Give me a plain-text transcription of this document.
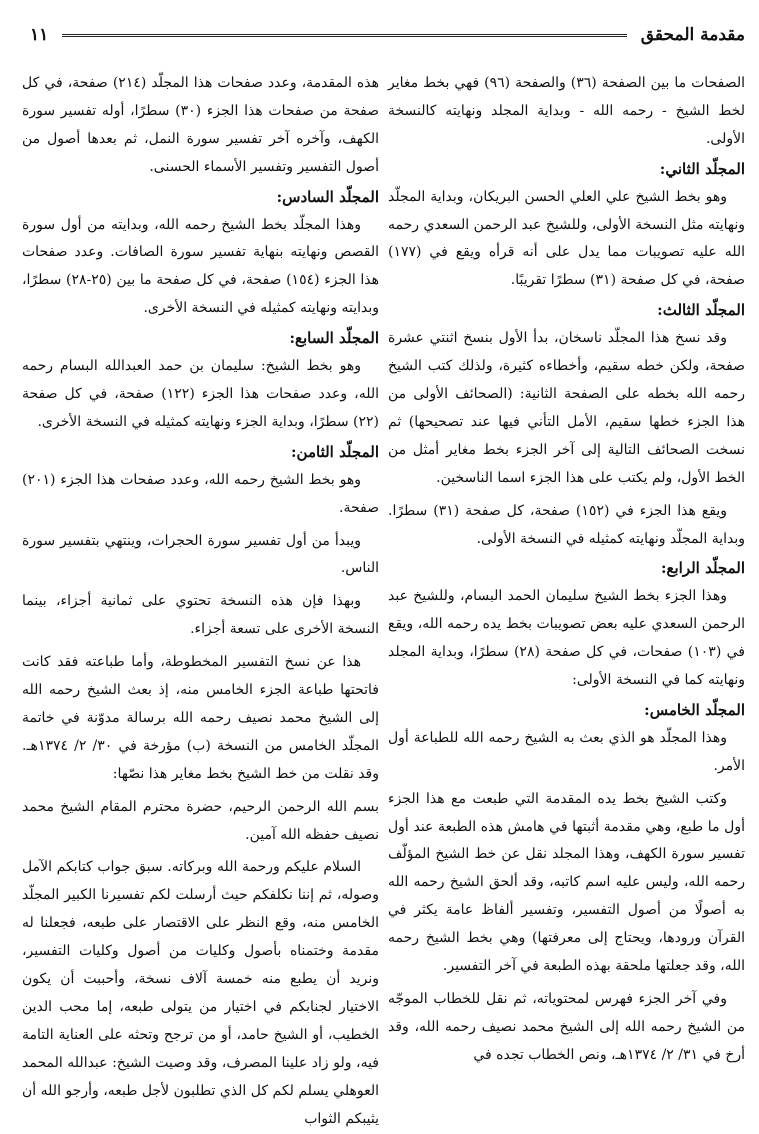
مقدمة المحقق
١١

الصفحات ما بين الصفحة (٣٦) والصفحة (٩٦) فهي بخط مغاير لخط الشيخ - رحمه الله - وبداية المجلد ونهايته كالنسخة الأولى.

المجلّد الثاني:

وهو بخط الشيخ علي العلي الحسن البريكان، وبداية المجلّد ونهايته مثل النسخة الأولى، وللشيخ عبد الرحمن السعدي رحمه الله عليه تصويبات مما يدل على أنه قرأه ويقع في (١٧٧) صفحة، في كل صفحة (٣١) سطرًا تقريبًا.

المجلّد الثالث:

وقد نسخ هذا المجلّد ناسخان، بدأ الأول بنسخ اثنتي عشرة صفحة، ولكن خطه سقيم، وأخطاءه كثيرة، ولذلك كتب الشيخ رحمه الله بخطه على الصفحة الثانية: (الصحائف الأولى من هذا الجزء خطها سقيم، الأمل التأني فيها عند تصحيحها) ثم نسخت الصحائف التالية إلى آخر الجزء بخط مغاير أمثل من الخط الأول، ولم يكتب على هذا الجزء اسما الناسخين.

ويقع هذا الجزء في (١٥٢) صفحة، كل صفحة (٣١) سطرًا. وبداية المجلّد ونهايته كمثيله في النسخة الأولى.

المجلّد الرابع:

وهذا الجزء بخط الشيخ سليمان الحمد البسام، وللشيخ عبد الرحمن السعدي عليه بعض تصويبات بخط يده رحمه الله، ويقع في (١٠٣) صفحات، في كل صفحة (٢٨) سطرًا، وبداية المجلد ونهايته كما في النسخة الأولى:

المجلّد الخامس:

وهذا المجلّد هو الذي بعث به الشيخ رحمه الله للطباعة أول الأمر.

وكتب الشيخ بخط يده المقدمة التي طبعت مع هذا الجزء أول ما طبع، وهي مقدمة أثبتها في هامش هذه الطبعة عند أول تفسير سورة الكهف، وهذا المجلد نقل عن خط الشيخ المؤلّف رحمه الله، وليس عليه اسم كاتبه، وقد ألحق الشيخ رحمه الله به أصولًا من أصول التفسير، وتفسير ألفاظ عامة يكثر في القرآن ورودها، ويحتاج إلى معرفتها) وهي بخط الشيخ رحمه الله، وقد جعلتها ملحقة بهذه الطبعة في آخر التفسير.

وفي آخر الجزء فهرس لمحتوياته، ثم نقل للخطاب الموجّه من الشيخ رحمه الله إلى الشيخ محمد نصيف رحمه الله، وقد أرخ في ٣١/ ٢/ ١٣٧٤هـ، ونص الخطاب تجده في

هذه المقدمة، وعدد صفحات هذا المجلّد (٢١٤) صفحة، في كل صفحة من صفحات هذا الجزء (٣٠) سطرًا، أوله تفسير سورة الكهف، وآخره آخر تفسير سورة النمل، ثم بعدها أصول من أصول التفسير وتفسير الأسماء الحسنى.

المجلّد السادس:

وهذا المجلّد بخط الشيخ رحمه الله، وبدايته من أول سورة القصص ونهايته بنهاية تفسير سورة الصافات. وعدد صفحات هذا الجزء (١٥٤) صفحة، في كل صفحة ما بين (٢٥-٢٨) سطرًا، وبدايته ونهايته كمثيله في النسخة الأخرى.

المجلّد السابع:

وهو بخط الشيخ: سليمان بن حمد العبدالله البسام رحمه الله، وعدد صفحات هذا الجزء (١٢٢) صفحة، في كل صفحة (٢٢) سطرًا، وبداية الجزء ونهايته كمثيله في النسخة الأخرى.

المجلّد الثامن:

وهو بخط الشيخ رحمه الله، وعدد صفحات هذا الجزء (٢٠١) صفحة.

ويبدأ من أول تفسير سورة الحجرات، وينتهي بتفسير سورة الناس.

وبهذا فإن هذه النسخة تحتوي على ثمانية أجزاء، بينما النسخة الأخرى على تسعة أجزاء.

هذا عن نسخ التفسير المخطوطة، وأما طباعته فقد كانت فاتحتها طباعة الجزء الخامس منه، إذ بعث الشيخ رحمه الله إلى الشيخ محمد نصيف رحمه الله برسالة مدوّنة في خاتمة المجلّد الخامس من النسخة (ب) مؤرخة في ٣٠/ ٢/ ١٣٧٤هـ. وقد نقلت من خط الشيخ بخط مغاير هذا نصّها:

بسم الله الرحمن الرحيم، حضرة محترم المقام الشيخ محمد نصيف حفظه الله آمين.

السلام عليكم ورحمة الله وبركاته. سبق جواب كتابكم الآمل وصوله، ثم إننا نكلفكم حيث أرسلت لكم تفسيرنا الكبير المجلّد الخامس منه، وقع النظر على الاقتصار على طبعه، فجعلنا له مقدمة وختمناه بأصول وكليات من أصول وكليات التفسير، ونريد أن يطبع منه خمسة آلاف نسخة، وأحببت أن يكون الاختيار لجنابكم في اختيار من يتولى طبعه، إما محب الدين الخطيب، أو الشيخ حامد، أو من ترجح وتحثه على العناية التامة فيه، ولو زاد علينا المصرف، وقد وصيت الشيخ: عبدالله المحمد العوهلي يسلم لكم كل الذي تطلبون لأجل طبعه، وأرجو الله أن يثيبكم الثواب
